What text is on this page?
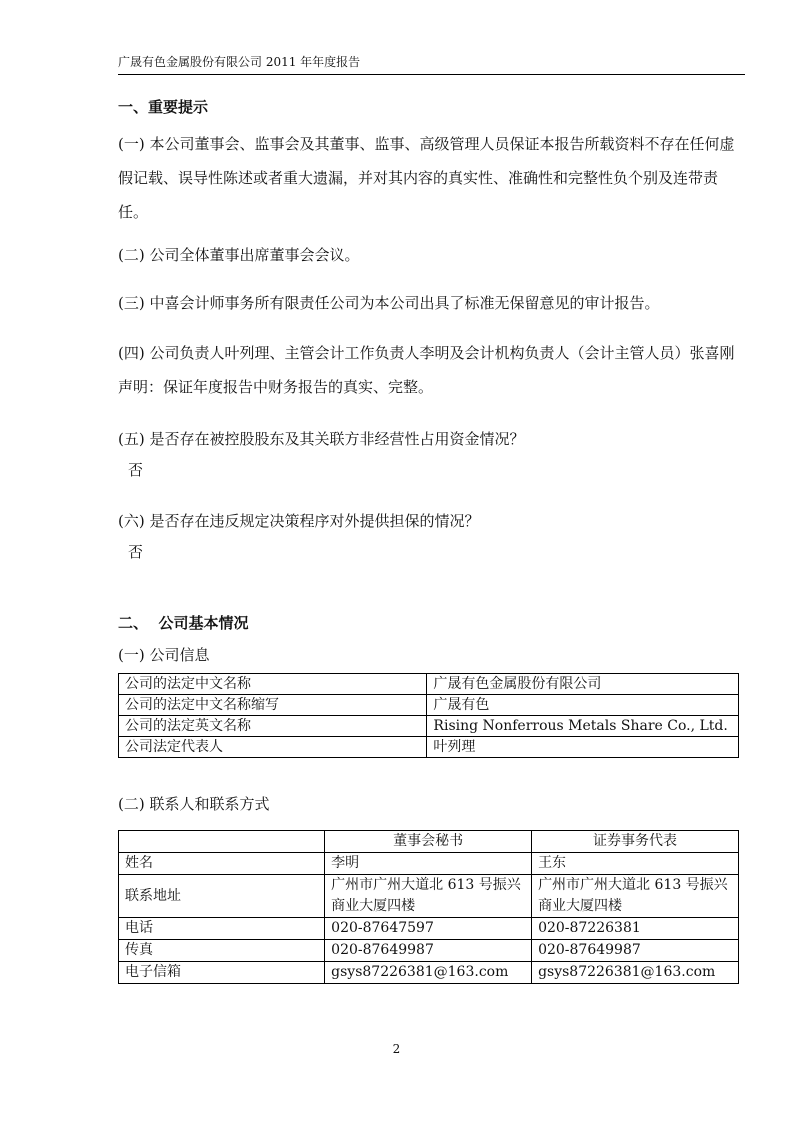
广晟有色金属股份有限公司 2011 年年度报告
一、重要提示
(一) 本公司董事会、监事会及其董事、监事、高级管理人员保证本报告所载资料不存在任何虚假记载、误导性陈述或者重大遗漏，并对其内容的真实性、准确性和完整性负个别及连带责任。
(二) 公司全体董事出席董事会会议。
(三) 中喜会计师事务所有限责任公司为本公司出具了标准无保留意见的审计报告。
(四) 公司负责人叶列理、主管会计工作负责人李明及会计机构负责人（会计主管人员）张喜刚声明：保证年度报告中财务报告的真实、完整。
(五) 是否存在被控股股东及其关联方非经营性占用资金情况？
否
(六) 是否存在违反规定决策程序对外提供担保的情况？
否
二、  公司基本情况
(一) 公司信息
公司的法定中文名称	广晟有色金属股份有限公司
公司的法定中文名称缩写	广晟有色
公司的法定英文名称	Rising Nonferrous Metals Share Co., Ltd.
公司法定代表人	叶列理
(二) 联系人和联系方式
	董事会秘书	证券事务代表
姓名	李明	王东
联系地址	广州市广州大道北 613 号振兴商业大厦四楼	广州市广州大道北 613 号振兴商业大厦四楼
电话	020-87647597	020-87226381
传真	020-87649987	020-87649987
电子信箱	gsys87226381@163.com	gsys87226381@163.com
2
